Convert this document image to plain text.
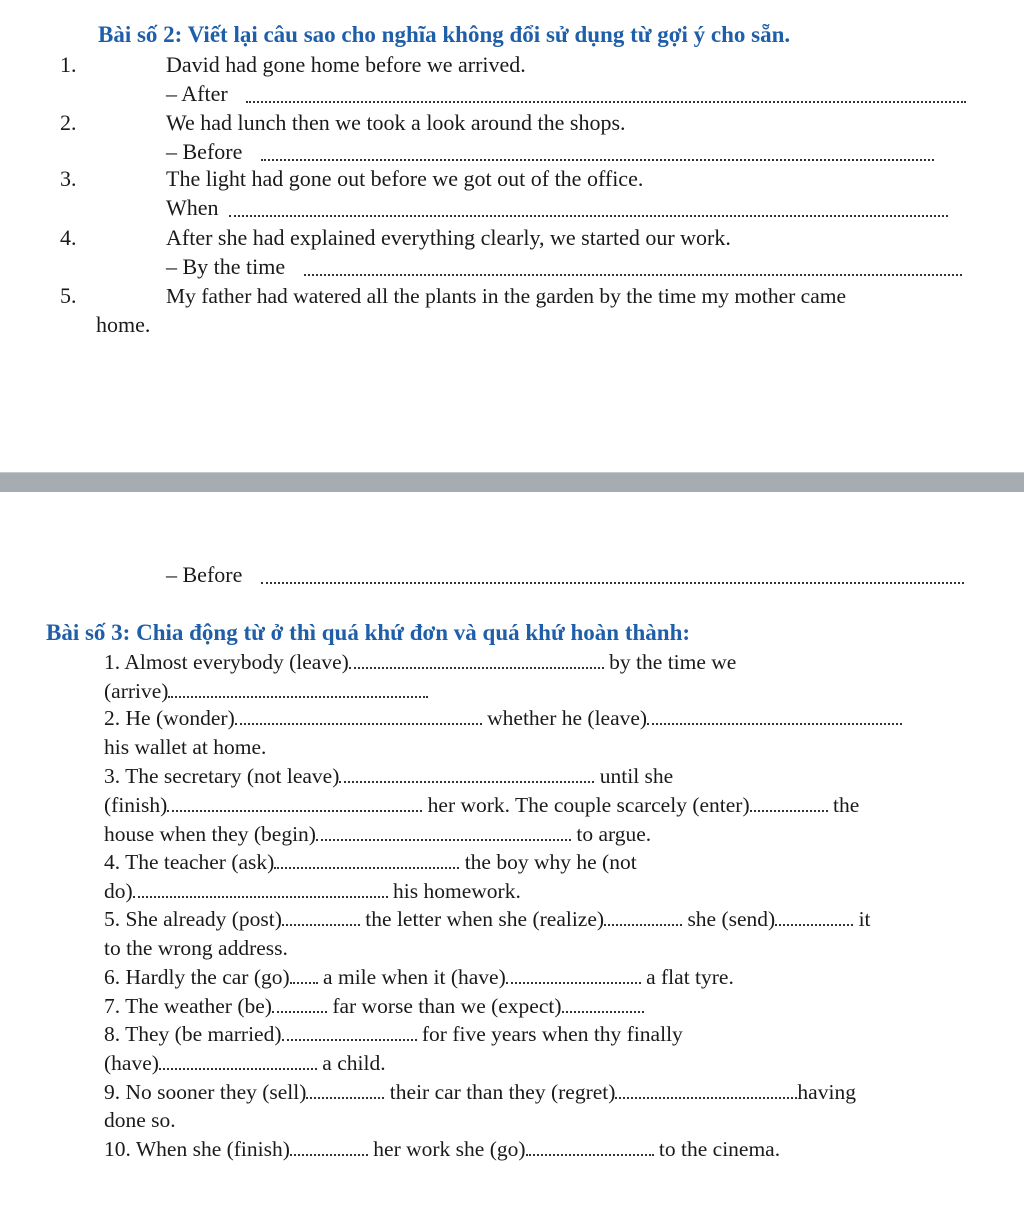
Bài số 2: Viết lại câu sao cho nghĩa không đổi sử dụng từ gợi ý cho sẵn.
1.	David had gone home before we arrived.
– After
2.	We had lunch then we took a look around the shops.
– Before
3.	The light had gone out before we got out of the office.
When
4.	After she had explained everything clearly, we started our work.
– By the time
5.	My father had watered all the plants in the garden by the time my mother came
home.
– Before
Bài số 3: Chia động từ ở thì quá khứ đơn và quá khứ hoàn thành:
1. Almost everybody (leave)	by the time we
(arrive)
2. He (wonder)	whether he (leave)
his wallet at home.
3. The secretary (not leave)	until she
(finish)	her work. The couple scarcely (enter)	the
house when they (begin)	to argue.
4. The teacher (ask)	the boy why he (not
do)	his homework.
5. She already (post)	the letter when she (realize)	she (send)	it
to the wrong address.
6. Hardly the car (go) a mile when it (have)	a flat tyre.
7. The weather (be)	far worse than we (expect)
8. They (be married)	for five years when thy finally
(have)	a child.
9. No sooner they (sell)	their car than they (regret)	having
done so.
10. When she (finish)	her work she (go)	to the cinema.
